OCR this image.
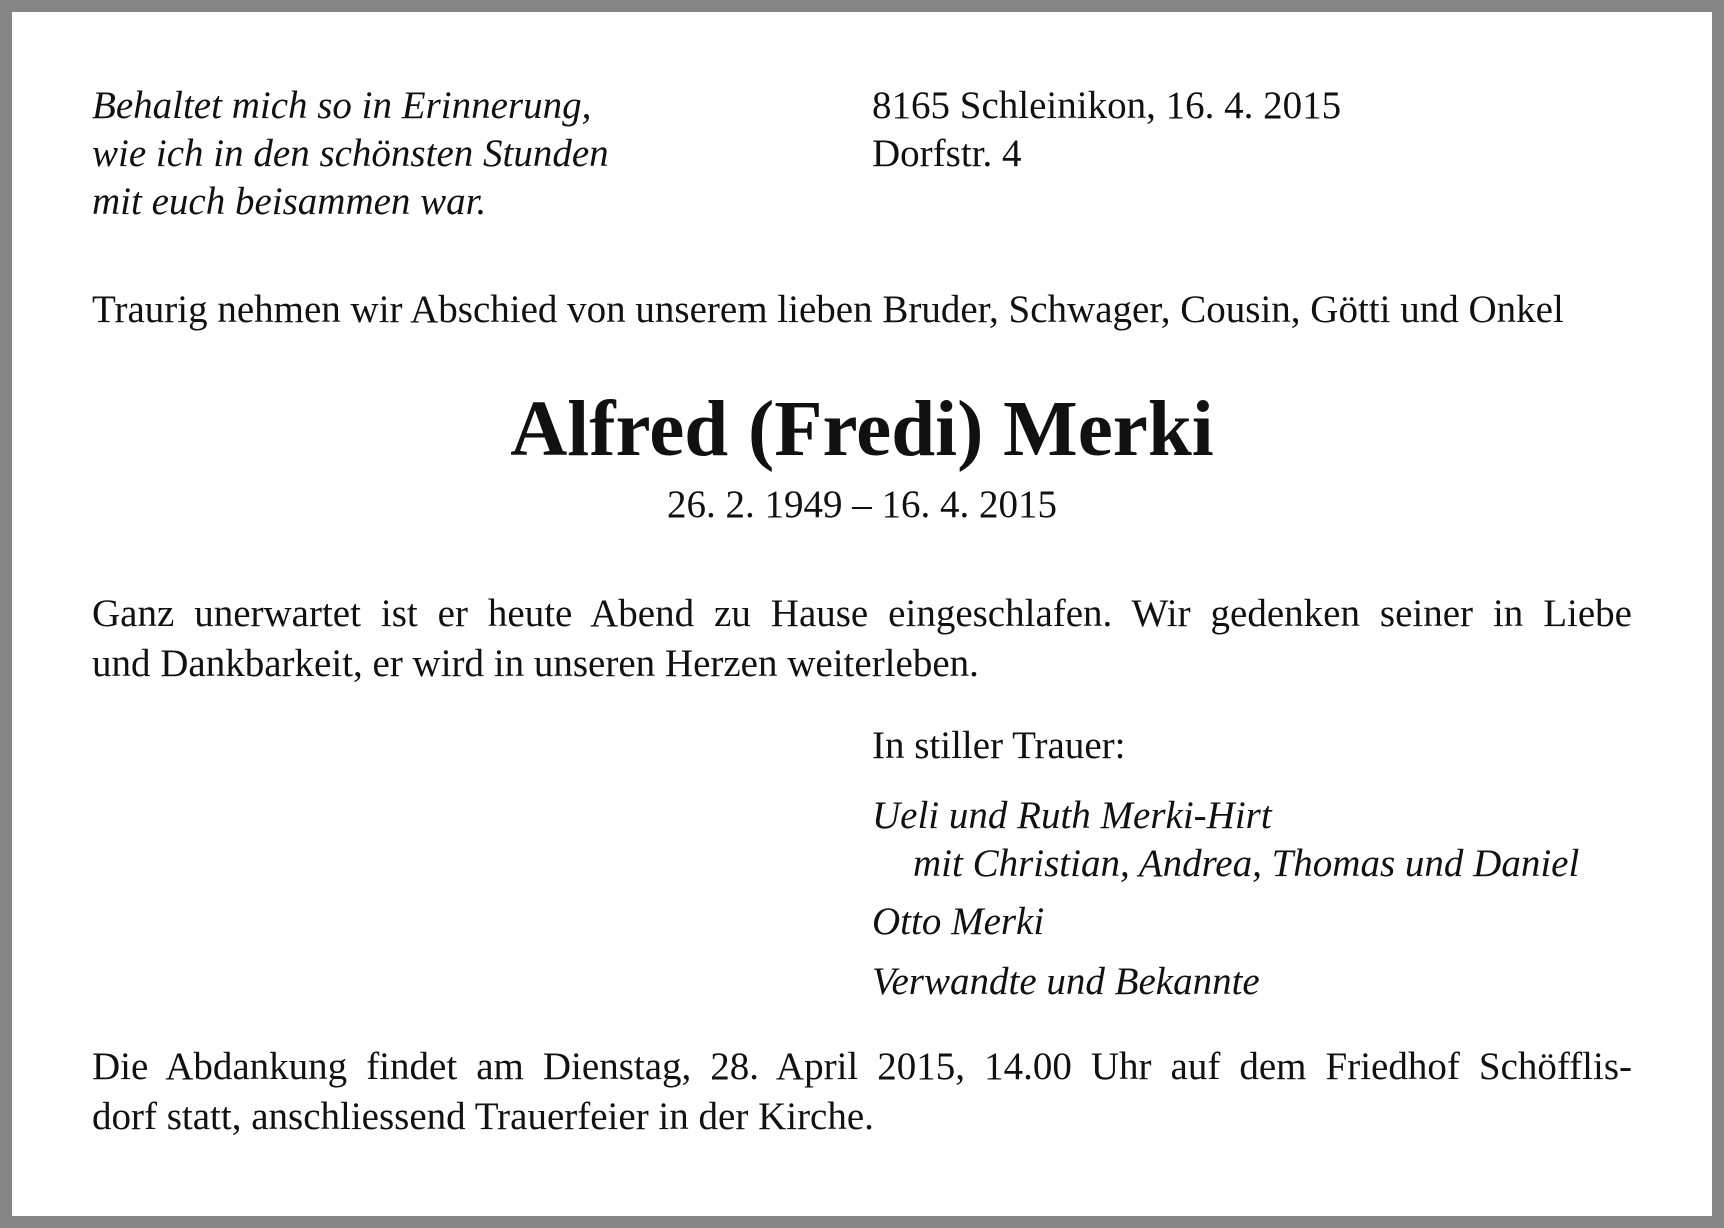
Behaltet mich so in Erinnerung,
wie ich in den schönsten Stunden
mit euch beisammen war.
8165 Schleinikon, 16. 4. 2015
Dorfstr. 4

Traurig nehmen wir Abschied von unserem lieben Bruder, Schwager, Cousin, Götti und Onkel

Alfred (Fredi) Merki

26. 2. 1949 – 16. 4. 2015

Ganz unerwartet ist er heute Abend zu Hause eingeschlafen. Wir gedenken seiner in Liebe
und Dankbarkeit, er wird in unseren Herzen weiterleben.

In stiller Trauer:

Ueli und Ruth Merki-Hirt

mit Christian, Andrea, Thomas und Daniel

Otto Merki

Verwandte und Bekannte

Die Abdankung findet am Dienstag, 28. April 2015, 14.00 Uhr auf dem Friedhof Schöfflis-
dorf statt, anschliessend Trauerfeier in der Kirche.
